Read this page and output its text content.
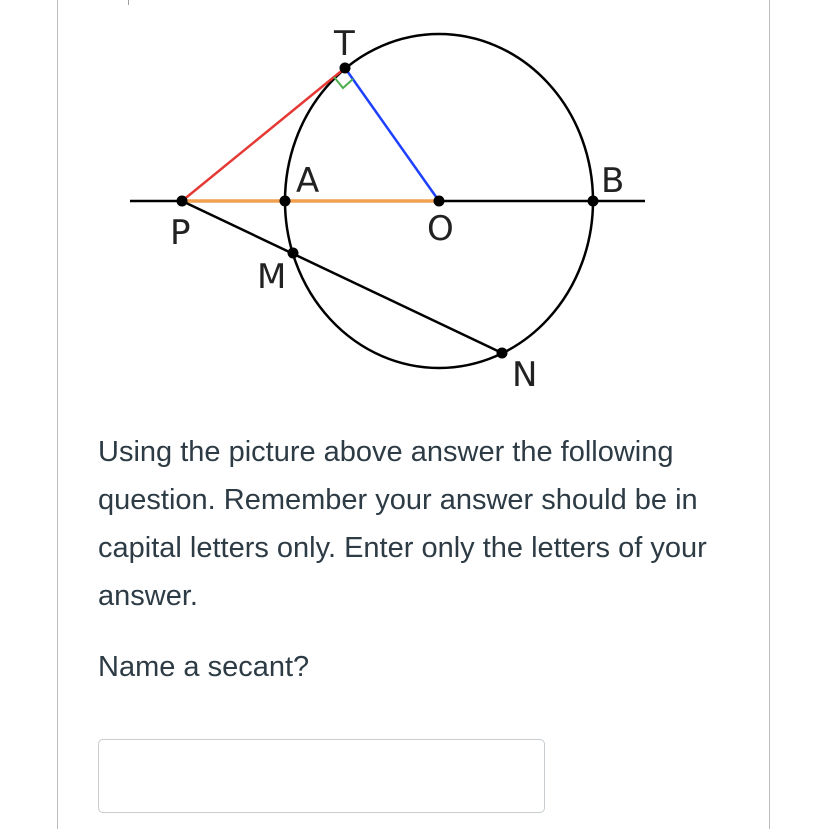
T
A	B
P	O
M
N
Using the picture above answer the following question. Remember your answer should be in capital letters only. Enter only the letters of your answer.
Name a secant?
